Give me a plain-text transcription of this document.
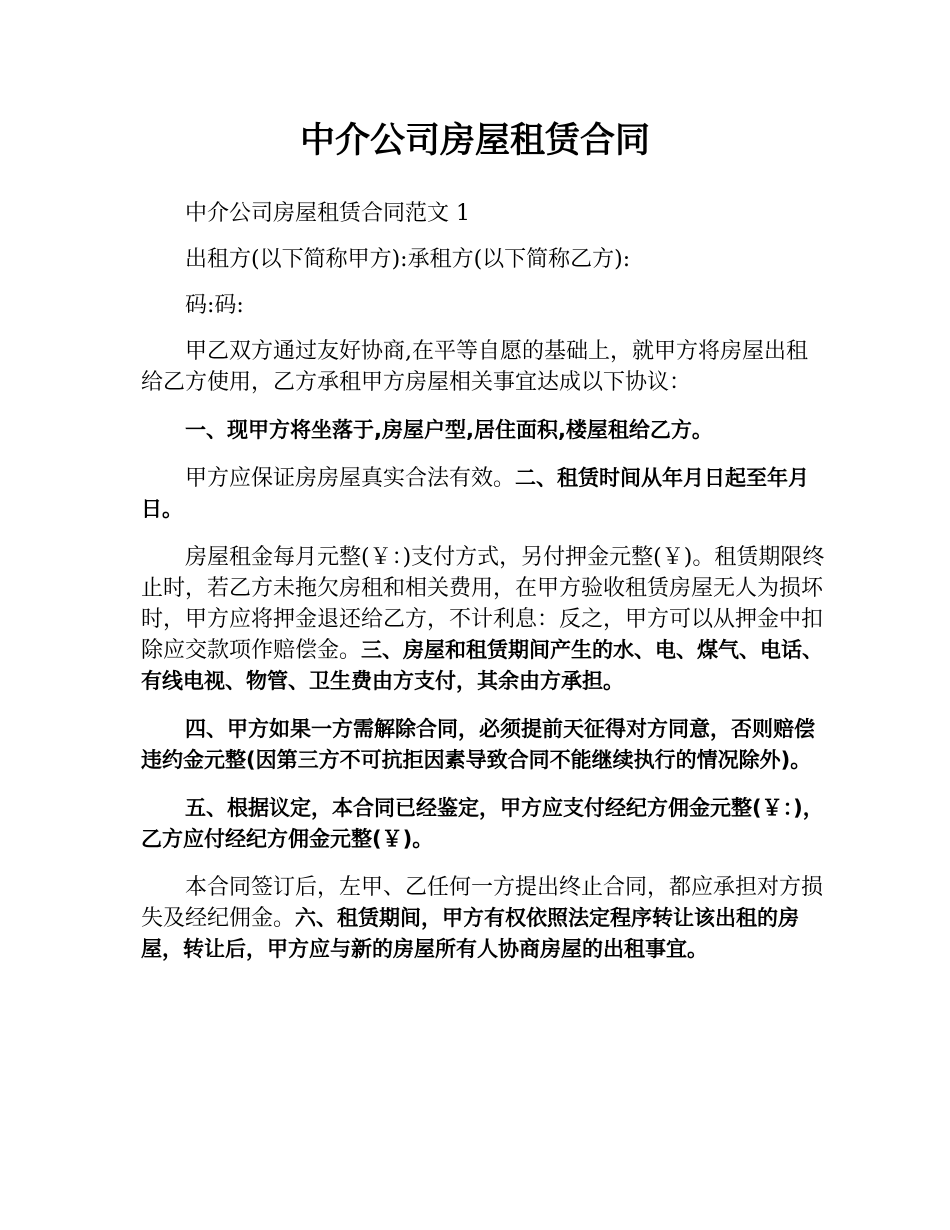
中介公司房屋租赁合同

中介公司房屋租赁合同范文 1

出租方(以下简称甲方):承租方(以下简称乙方):

码:码:

甲乙双方通过友好协商,在平等自愿的基础上，就甲方将房屋出租给乙方使用，乙方承租甲方房屋相关事宜达成以下协议：

一、现甲方将坐落于,房屋户型,居住面积,楼屋租给乙方。

甲方应保证房房屋真实合法有效。二、租赁时间从年月日起至年月日。

房屋租金每月元整(￥：)支付方式，另付押金元整(￥)。租赁期限终止时，若乙方未拖欠房租和相关费用，在甲方验收租赁房屋无人为损坏时，甲方应将押金退还给乙方，不计利息：反之，甲方可以从押金中扣除应交款项作赔偿金。三、房屋和租赁期间产生的水、电、煤气、电话、有线电视、物管、卫生费由方支付，其余由方承担。

四、甲方如果一方需解除合同，必须提前天征得对方同意，否则赔偿违约金元整(因第三方不可抗拒因素导致合同不能继续执行的情况除外)。

五、根据议定，本合同已经鉴定，甲方应支付经纪方佣金元整(￥：)，乙方应付经纪方佣金元整(￥)。

本合同签订后，左甲、乙任何一方提出终止合同，都应承担对方损失及经纪佣金。六、租赁期间，甲方有权依照法定程序转让该出租的房屋，转让后，甲方应与新的房屋所有人协商房屋的出租事宜。
